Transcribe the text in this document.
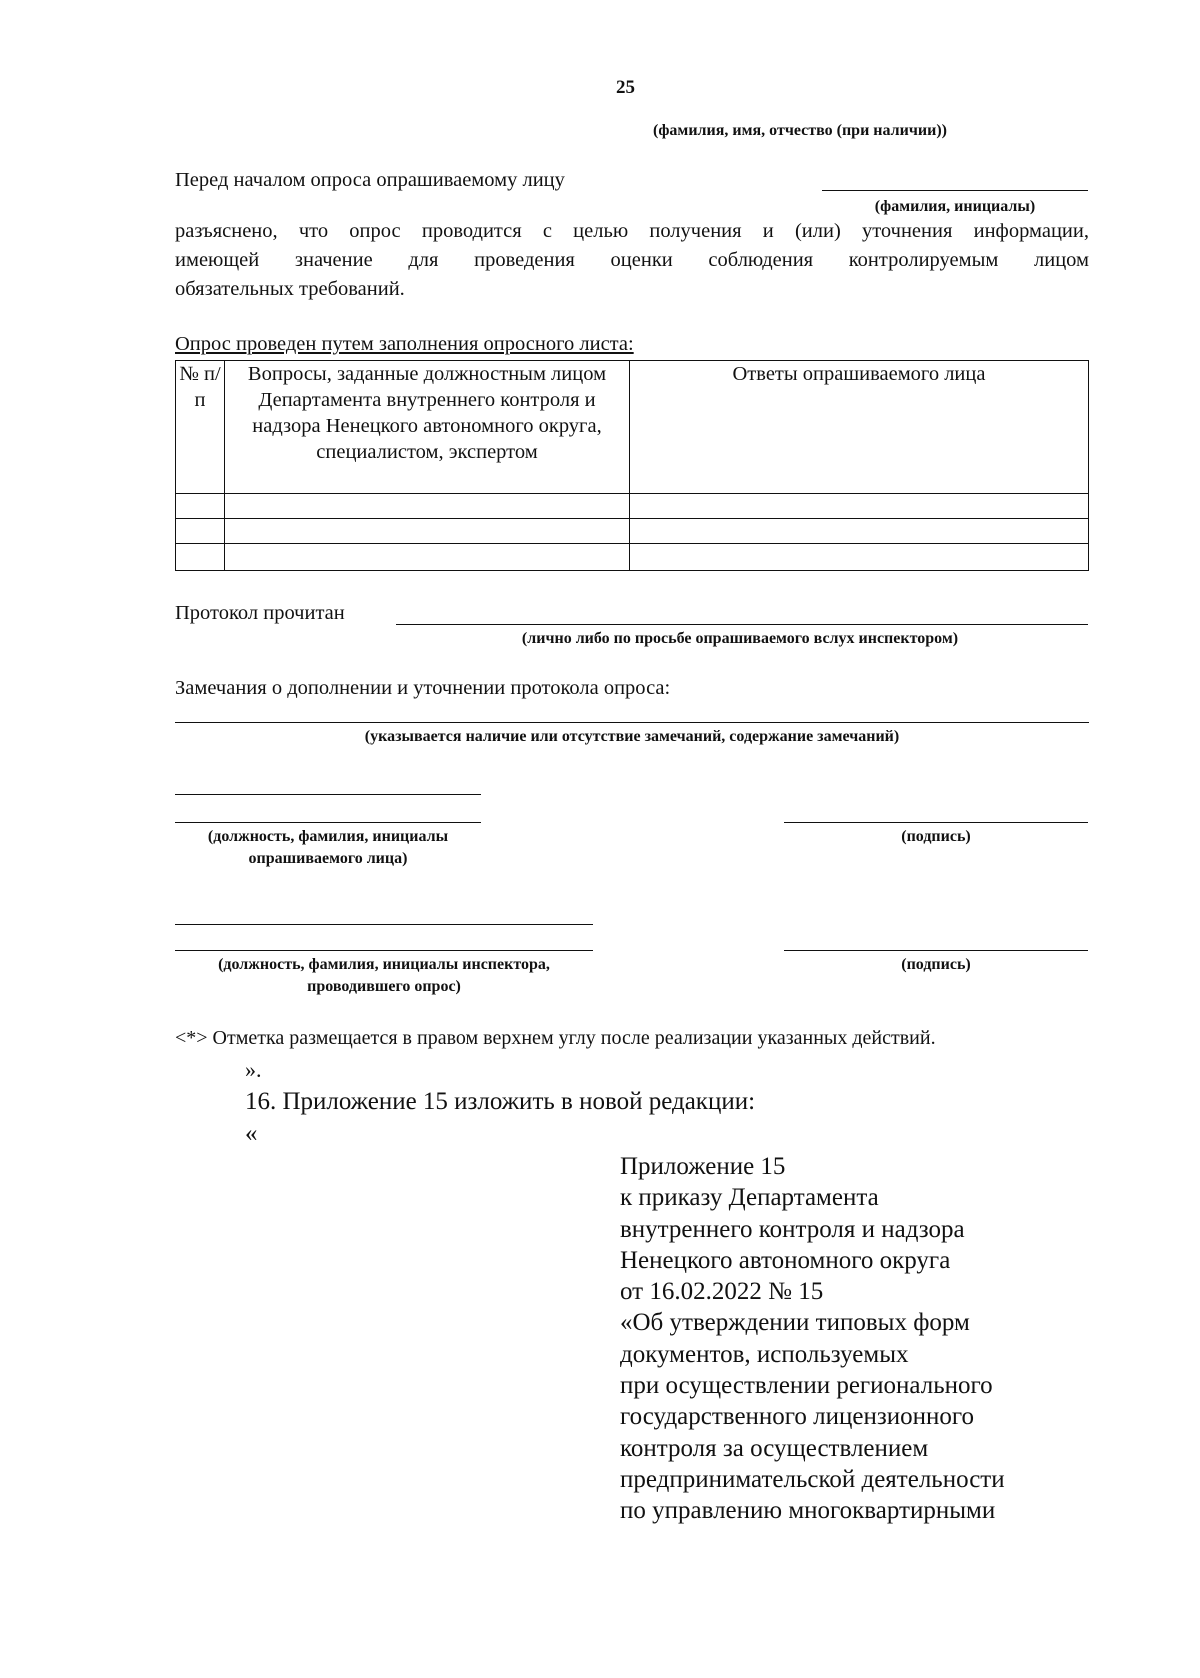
25
(фамилия, имя, отчество (при наличии))
Перед началом опроса опрашиваемому лицу
(фамилия, инициалы)
разъяснено, что опрос проводится с целью получения и (или) уточнения информации,
имеющей значение для проведения оценки соблюдения контролируемым лицом
обязательных требований.
Опрос проведен путем заполнения опросного листа:
№ п/п	Вопросы, заданные должностным лицом Департамента внутреннего контроля и надзора Ненецкого автономного округа, специалистом, экспертом	Ответы опрашиваемого лица

Протокол прочитан
(лично либо по просьбе опрашиваемого вслух инспектором)
Замечания о дополнении и уточнении протокола опроса:
(указывается наличие или отсутствие замечаний, содержание замечаний)
(должность, фамилия, инициалы
опрашиваемого лица)
(подпись)
(должность, фамилия, инициалы инспектора,
проводившего опрос)
(подпись)
<*> Отметка размещается в правом верхнем углу после реализации указанных действий.
».
16. Приложение 15 изложить в новой редакции:
«
Приложение 15
к приказу Департамента
внутреннего контроля и надзора
Ненецкого автономного округа
от 16.02.2022 № 15
«Об утверждении типовых форм
документов, используемых
при осуществлении регионального
государственного лицензионного
контроля за осуществлением
предпринимательской деятельности
по управлению многоквартирными
